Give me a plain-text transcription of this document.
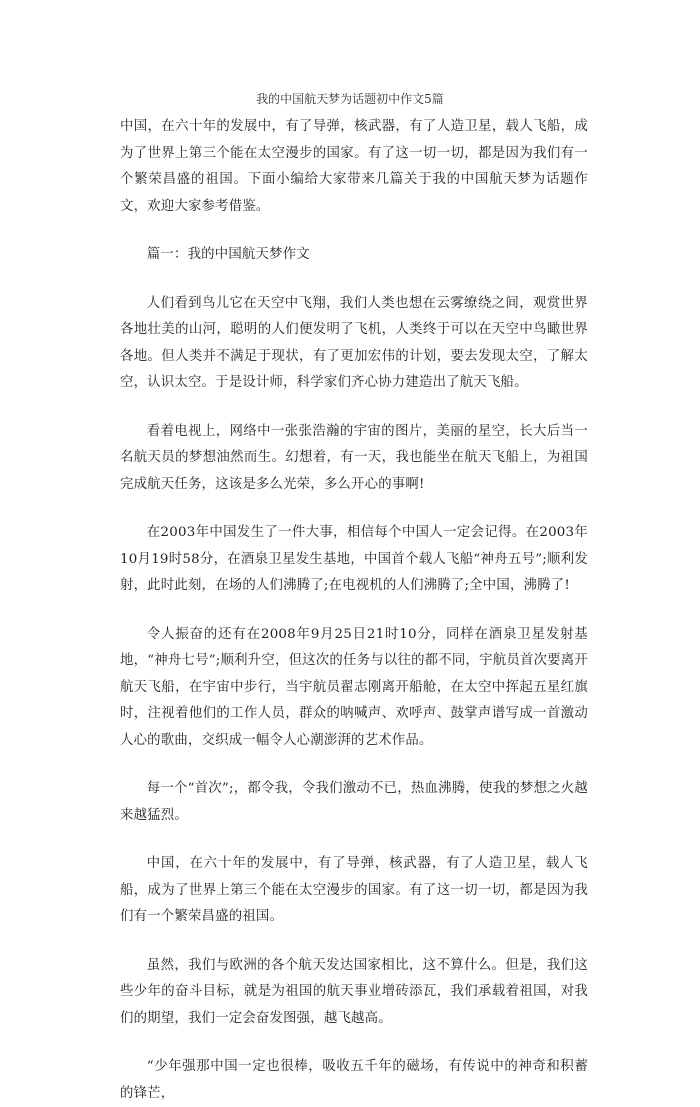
我的中国航天梦为话题初中作文5篇

中国，在六十年的发展中，有了导弹，核武器，有了人造卫星，载人飞船，成为了世界上第三个能在太空漫步的国家。有了这一切一切，都是因为我们有一个繁荣昌盛的祖国。下面小编给大家带来几篇关于我的中国航天梦为话题作文，欢迎大家参考借鉴。

篇一：我的中国航天梦作文

人们看到鸟儿它在天空中飞翔，我们人类也想在云雾缭绕之间，观赏世界各地壮美的山河，聪明的人们便发明了飞机，人类终于可以在天空中鸟瞰世界各地。但人类并不满足于现状，有了更加宏伟的计划，要去发现太空，了解太空，认识太空。于是设计师，科学家们齐心协力建造出了航天飞船。

看着电视上，网络中一张张浩瀚的宇宙的图片，美丽的星空，长大后当一名航天员的梦想油然而生。幻想着，有一天，我也能坐在航天飞船上，为祖国完成航天任务，这该是多么光荣，多么开心的事啊!

在2003年中国发生了一件大事，相信每个中国人一定会记得。在2003年10月19时58分，在酒泉卫星发生基地，中国首个载人飞船“神舟五号”;顺利发射，此时此刻，在场的人们沸腾了;在电视机的人们沸腾了;全中国，沸腾了!

令人振奋的还有在2008年9月25日21时10分，同样在酒泉卫星发射基地，“神舟七号”;顺利升空，但这次的任务与以往的都不同，宇航员首次要离开航天飞船，在宇宙中步行，当宇航员翟志刚离开船舱，在太空中挥起五星红旗时，注视着他们的工作人员，群众的呐喊声、欢呼声、鼓掌声谱写成一首激动人心的歌曲，交织成一幅令人心潮澎湃的艺术作品。

每一个“首次”;，都令我，令我们激动不已，热血沸腾，使我的梦想之火越来越猛烈。

中国，在六十年的发展中，有了导弹，核武器，有了人造卫星，载人飞船，成为了世界上第三个能在太空漫步的国家。有了这一切一切，都是因为我们有一个繁荣昌盛的祖国。

虽然，我们与欧洲的各个航天发达国家相比，这不算什么。但是，我们这些少年的奋斗目标，就是为祖国的航天事业增砖添瓦，我们承载着祖国，对我们的期望，我们一定会奋发图强，越飞越高。

“少年强那中国一定也很棒，吸收五千年的磁场，有传说中的神奇和积蓄的锋芒，
